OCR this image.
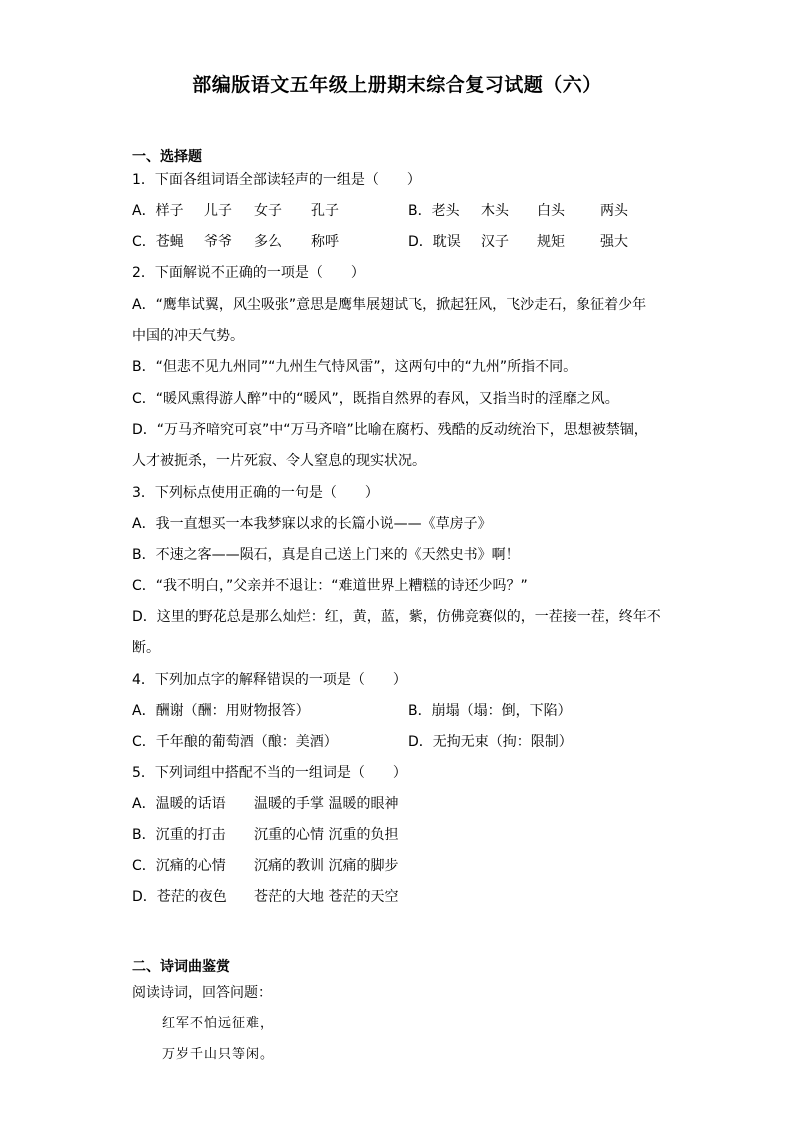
部编版语文五年级上册期末综合复习试题（六）
一、选择题
1．下面各组词语全部读轻声的一组是（　　）
A．样子 儿子 女子 孔子	B．老头 木头 白头	两头
C．苍蝇 爷爷 多么 称呼	D．耽误 汉子 规矩	强大
2．下面解说不正确的一项是（　　）
A．“鹰隼试翼，风尘吸张”意思是鹰隼展翅试飞，掀起狂风，飞沙走石，象征着少年
中国的冲天气势。
B．“但悲不见九州同”“九州生气恃风雷”，这两句中的“九州”所指不同。
C．“暖风熏得游人醉”中的“暖风”，既指自然界的春风，又指当时的淫靡之风。
D．“万马齐喑究可哀”中“万马齐喑”比喻在腐朽、残酷的反动统治下，思想被禁锢，
人才被扼杀，一片死寂、令人窒息的现实状况。
3．下列标点使用正确的一句是（　　）
A．我一直想买一本我梦寐以求的长篇小说——《草房子》
B．不速之客——陨石，真是自己送上门来的《天然史书》啊！
C．“我不明白，”父亲并不退让：“难道世界上糟糕的诗还少吗？”
D．这里的野花总是那么灿烂：红，黄，蓝，紫，仿佛竞赛似的，一茬接一茬，终年不
断。
4．下列加点字的解释错误的一项是（　　）
A．酬谢（酬：用财物报答）	B．崩塌（塌：倒，下陷）
C．千年酿的葡萄酒（酿：美酒）	D．无拘无束（拘：限制）
5．下列词组中搭配不当的一组词是（　　）
A．温暖的话语 温暖的手掌 温暖的眼神
B．沉重的打击 沉重的心情 沉重的负担
C．沉痛的心情 沉痛的教训 沉痛的脚步
D．苍茫的夜色 苍茫的大地 苍茫的天空
二、诗词曲鉴赏
阅读诗词，回答问题：
红军不怕远征难，
万岁千山只等闲。
